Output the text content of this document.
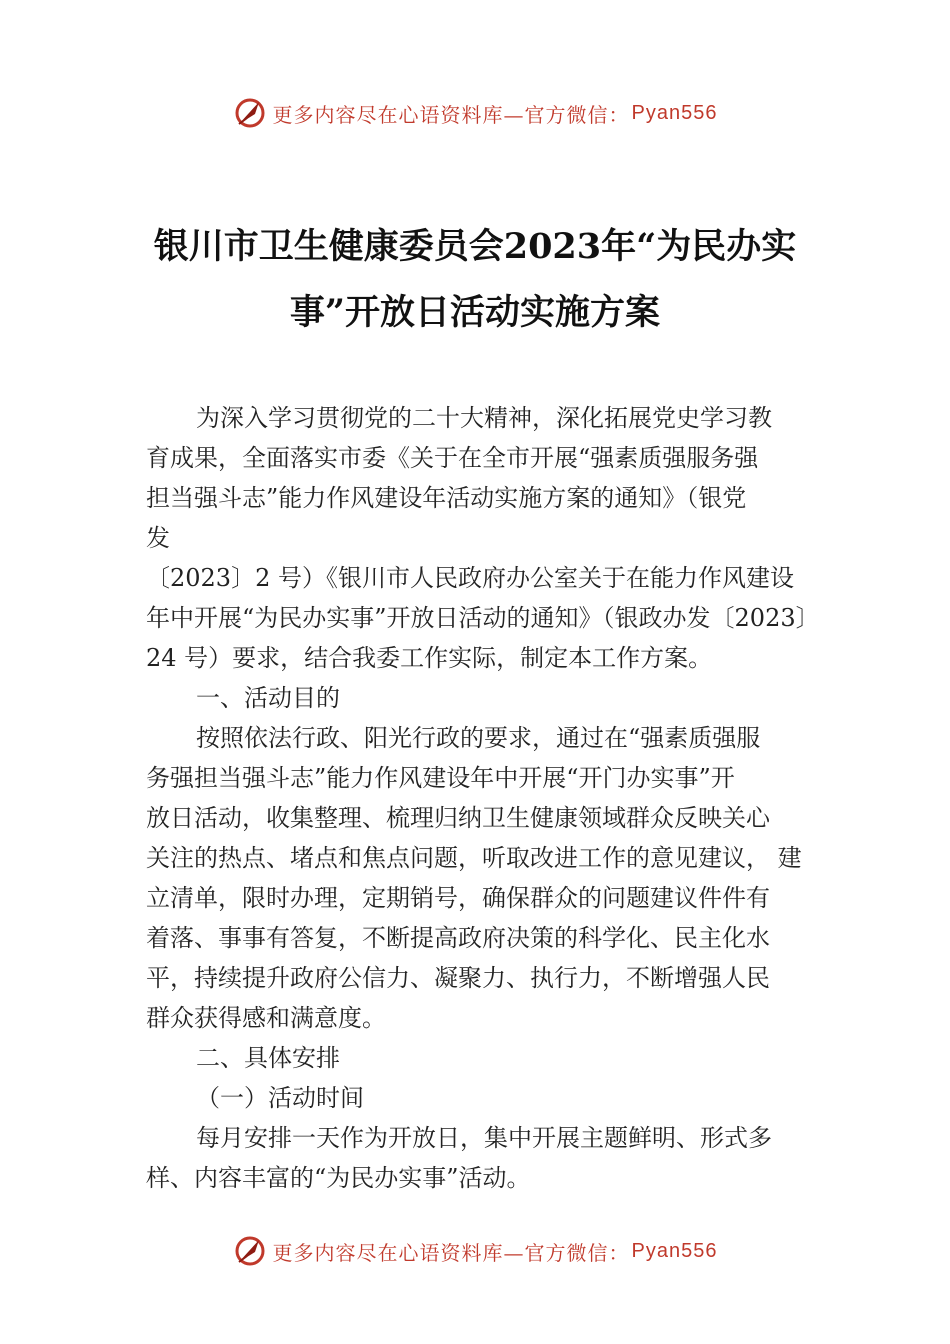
更多内容尽在心语资料库— 官方微信： Pyan556
银川市卫生健康委员会2023年“为民办实
事”开放日活动实施方案
为深入学习贯彻党的二十大精神，深化拓展党史学习教
育成果，全面落实市委《关于在全市开展“强素质强服务强
担当强斗志”能力作风建设年活动实施方案的通知》（银党
发
〔2023〕2 号）《银川市人民政府办公室关于在能力作风建设
年中开展“为民办实事”开放日活动的通知》（银政办发〔2023〕
24 号）要求，结合我委工作实际，制定本工作方案。
一、活动目的
按照依法行政、阳光行政的要求，通过在“强素质强服
务强担当强斗志”能力作风建设年中开展“开门办实事”开
放日活动，收集整理、梳理归纳卫生健康领域群众反映关心
关注的热点、堵点和焦点问题，听取改进工作的意见建议， 建
立清单，限时办理，定期销号，确保群众的问题建议件件有
着落、事事有答复，不断提高政府决策的科学化、民主化水
平，持续提升政府公信力、凝聚力、执行力，不断增强人民
群众获得感和满意度。
二、具体安排
（一）活动时间
每月安排一天作为开放日，集中开展主题鲜明、形式多
样、内容丰富的“为民办实事”活动。
更多内容尽在心语资料库— 官方微信： Pyan556
